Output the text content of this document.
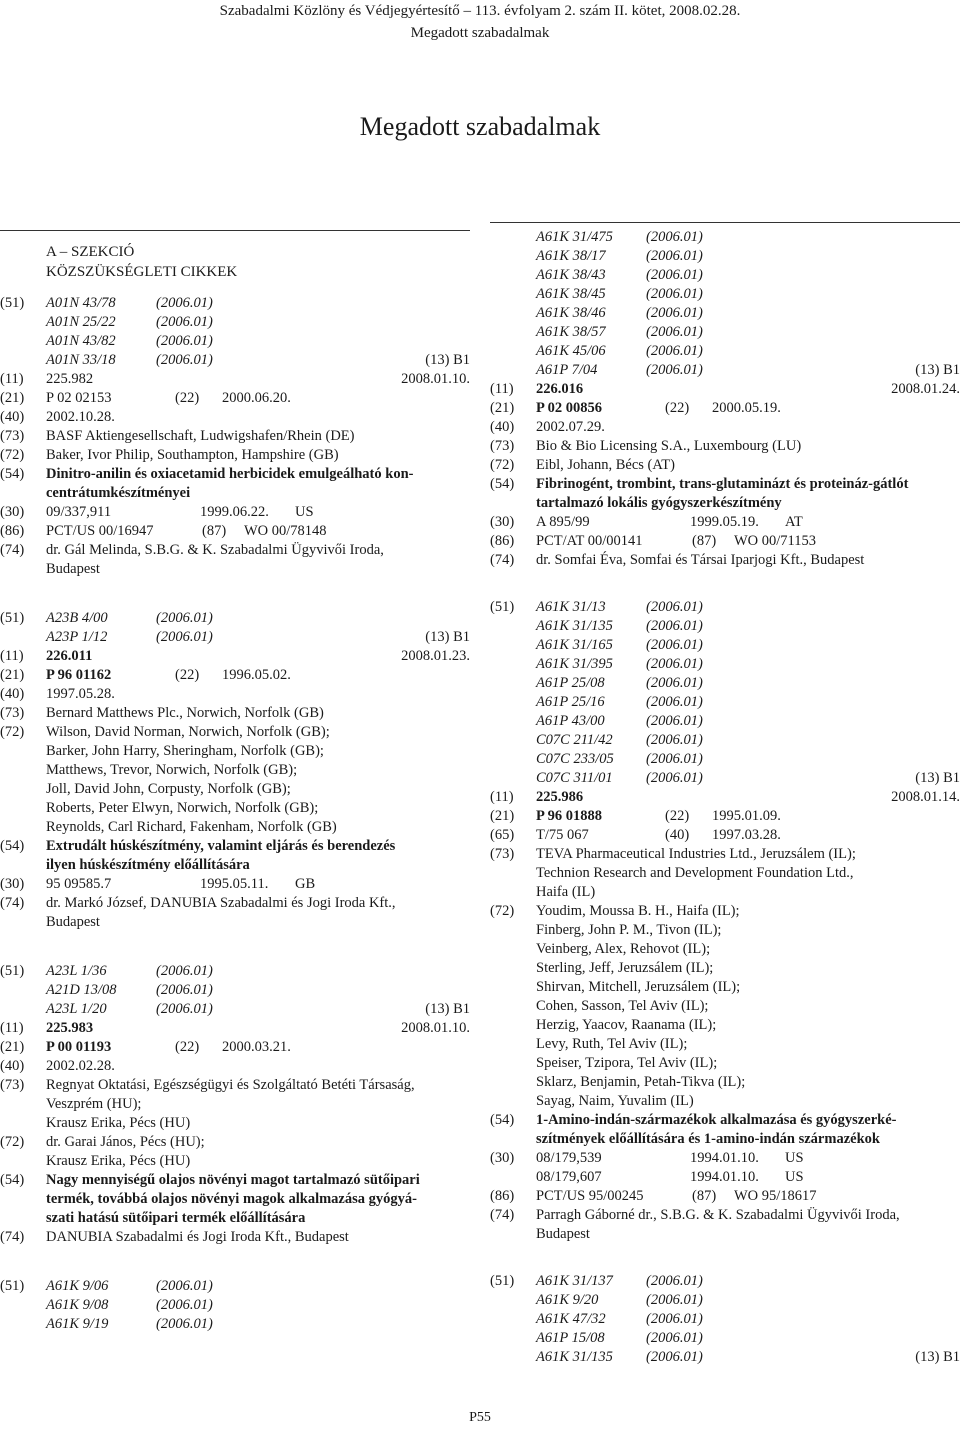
Szabadalmi Közlöny és Védjegyértesítő – 113. évfolyam 2. szám II. kötet, 2008.02.28.
Megadott szabadalmak
Megadott szabadalmak
A – SZEKCIÓ
KÖZSZÜKSÉGLETI CIKKEK
(51) A01N 43/78	(2006.01)
A01N 25/22	(2006.01)
A01N 43/82	(2006.01)
A01N 33/18	(2006.01)	(13) B1
(11) 225.982	2008.01.10.
(21) P 02 02153	(22) 2000.06.20.
(40) 2002.10.28.
(73) BASF Aktiengesellschaft, Ludwigshafen/Rhein (DE)
(72) Baker, Ivor Philip, Southampton, Hampshire (GB)
(54) Dinitro-anilin és oxiacetamid herbicidek emulgeálható kon-
centrátumkészítményei
(30) 09/337,911	1999.06.22. US
(86) PCT/US 00/16947	(87) WO 00/78148
(74) dr. Gál Melinda, S.B.G. & K. Szabadalmi Ügyvivői Iroda,
Budapest
(51) A23B 4/00	(2006.01)
A23P 1/12	(2006.01)	(13) B1
(11) 226.011	2008.01.23.
(21) P 96 01162	(22) 1996.05.02.
(40) 1997.05.28.
(73) Bernard Matthews Plc., Norwich, Norfolk (GB)
(72) Wilson, David Norman, Norwich, Norfolk (GB);
Barker, John Harry, Sheringham, Norfolk (GB);
Matthews, Trevor, Norwich, Norfolk (GB);
Joll, David John, Corpusty, Norfolk (GB);
Roberts, Peter Elwyn, Norwich, Norfolk (GB);
Reynolds, Carl Richard, Fakenham, Norfolk (GB)
(54) Extrudált húskészítmény, valamint eljárás és berendezés
ilyen húskészítmény előállítására
(30) 95 09585.7	1995.05.11. GB
(74) dr. Markó József, DANUBIA Szabadalmi és Jogi Iroda Kft.,
Budapest
(51) A23L 1/36	(2006.01)
A21D 13/08	(2006.01)
A23L 1/20	(2006.01)	(13) B1
(11) 225.983	2008.01.10.
(21) P 00 01193	(22) 2000.03.21.
(40) 2002.02.28.
(73) Regnyat Oktatási, Egészségügyi és Szolgáltató Betéti Társaság,
Veszprém (HU);
Krausz Erika, Pécs (HU)
(72) dr. Garai János, Pécs (HU);
Krausz Erika, Pécs (HU)
(54) Nagy mennyiségű olajos növényi magot tartalmazó sütőipari
termék, továbbá olajos növényi magok alkalmazása gyógyá-
szati hatású sütőipari termék előállítására
(74) DANUBIA Szabadalmi és Jogi Iroda Kft., Budapest
(51) A61K 9/06	(2006.01)
A61K 9/08	(2006.01)
A61K 9/19	(2006.01)
A61K 31/475 (2006.01)
A61K 38/17	(2006.01)
A61K 38/43	(2006.01)
A61K 38/45	(2006.01)
A61K 38/46	(2006.01)
A61K 38/57	(2006.01)
A61K 45/06	(2006.01)
A61P 7/04	(2006.01)	(13) B1
(11) 226.016	2008.01.24.
(21) P 02 00856	(22) 2000.05.19.
(40) 2002.07.29.
(73) Bio & Bio Licensing S.A., Luxembourg (LU)
(72) Eibl, Johann, Bécs (AT)
(54) Fibrinogént, trombint, trans-glutaminázt és proteináz-gátlót
tartalmazó lokális gyógyszerkészítmény
(30) A 895/99	1999.05.19. AT
(86) PCT/AT 00/00141	(87) WO 00/71153
(74) dr. Somfai Éva, Somfai és Társai Iparjogi Kft., Budapest
(51) A61K 31/13	(2006.01)
A61K 31/135 (2006.01)
A61K 31/165 (2006.01)
A61K 31/395 (2006.01)
A61P 25/08	(2006.01)
A61P 25/16	(2006.01)
A61P 43/00	(2006.01)
C07C 211/42 (2006.01)
C07C 233/05 (2006.01)
C07C 311/01 (2006.01)	(13) B1
(11) 225.986	2008.01.14.
(21) P 96 01888	(22) 1995.01.09.
(65) T/75 067	(40) 1997.03.28.
(73) TEVA Pharmaceutical Industries Ltd., Jeruzsálem (IL);
Technion Research and Development Foundation Ltd.,
Haifa (IL)
(72) Youdim, Moussa B. H., Haifa (IL);
Finberg, John P. M., Tivon (IL);
Veinberg, Alex, Rehovot (IL);
Sterling, Jeff, Jeruzsálem (IL);
Shirvan, Mitchell, Jeruzsálem (IL);
Cohen, Sasson, Tel Aviv (IL);
Herzig, Yaacov, Raanama (IL);
Levy, Ruth, Tel Aviv (IL);
Speiser, Tzipora, Tel Aviv (IL);
Sklarz, Benjamin, Petah-Tikva (IL);
Sayag, Naim, Yuvalim (IL)
(54) 1-Amino-indán-származékok alkalmazása és gyógyszerké-
szítmények előállítására és 1-amino-indán származékok
(30) 08/179,539	1994.01.10. US
08/179,607	1994.01.10. US
(86) PCT/US 95/00245	(87) WO 95/18617
(74) Parragh Gáborné dr., S.B.G. & K. Szabadalmi Ügyvivői Iroda,
Budapest
(51) A61K 31/137 (2006.01)
A61K 9/20	(2006.01)
A61K 47/32	(2006.01)
A61P 15/08	(2006.01)
A61K 31/135 (2006.01)	(13) B1
P55
